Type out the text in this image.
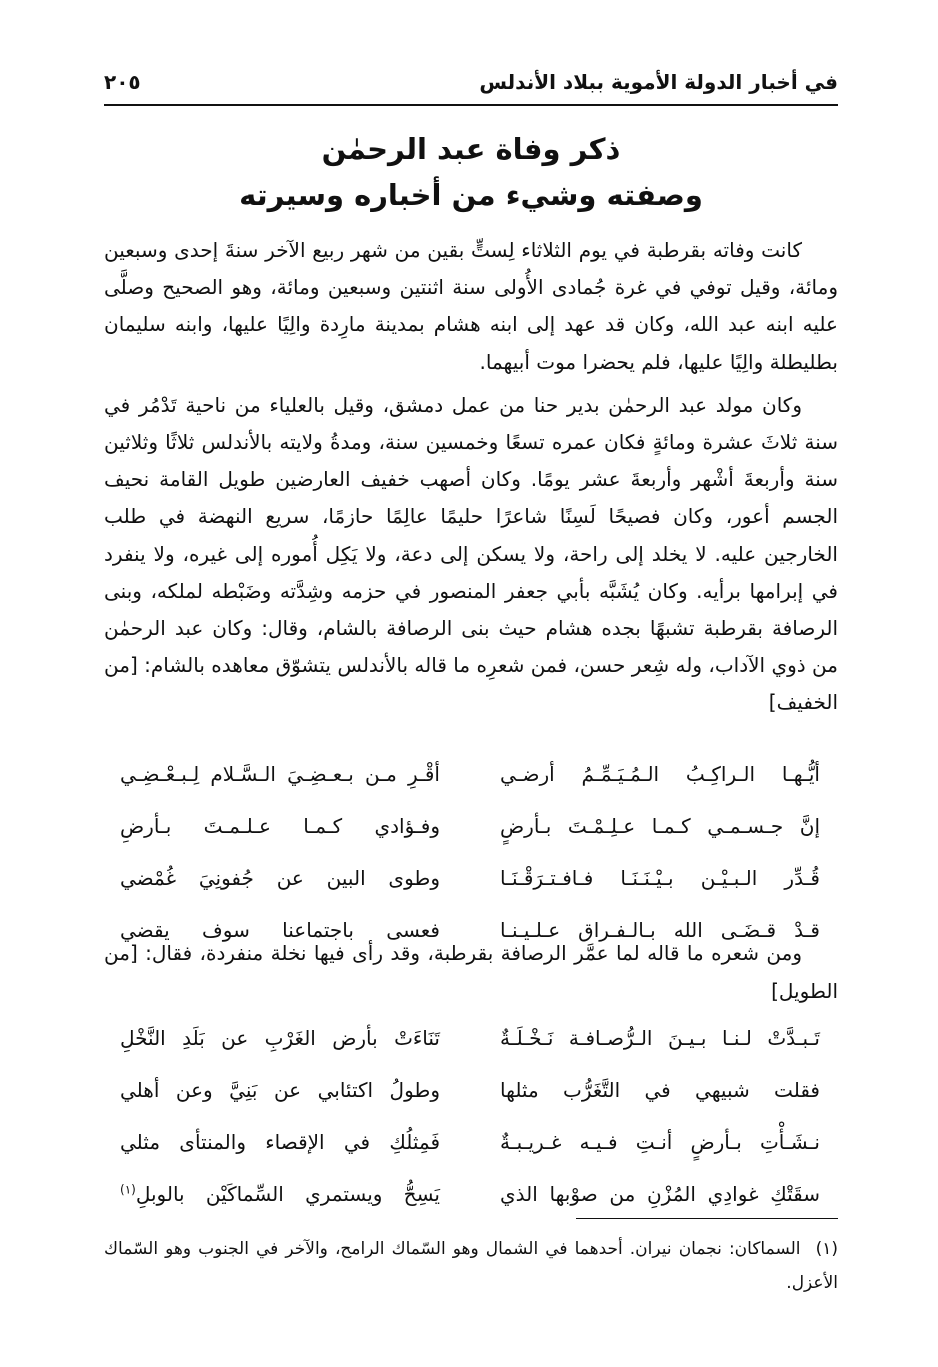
في أخبار الدولة الأموية ببلاد الأندلس
٢٠٥
ذكر وفاة عبد الرحمٰن
وصفته وشيء من أخباره وسيرته

كانت وفاته بقرطبة في يوم الثلاثاء لِستٍّ بقين من شهر ربيع الآخر سنةَ إحدى وسبعين ومائة، وقيل توفي في غرة جُمادى الأُولى سنة اثنتين وسبعين ومائة، وهو الصحيح وصلَّى عليه ابنه عبد الله، وكان قد عهد إلى ابنه هشام بمدينة مارِدة والِيًا عليها، وابنه سليمان بطليطلة والِيًا عليها، فلم يحضرا موت أبيهما.

وكان مولد عبد الرحمٰن بدير حنا من عمل دمشق، وقيل بالعلياء من ناحية تَدْمُر في سنة ثلاثَ عشرة ومائةٍ فكان عمره تسعًا وخمسين سنة، ومدةُ ولايته بالأندلس ثلاثًا وثلاثين سنة وأربعةَ أشْهر وأربعةَ عشر يومًا. وكان أصهب خفيف العارضين طويل القامة نحيف الجسم أعور، وكان فصيحًا لَسِنًا شاعرًا حليمًا عالِمًا حازمًا، سريع النهضة في طلب الخارجين عليه. لا يخلد إلى راحة، ولا يسكن إلى دعة، ولا يَكِل أُموره إلى غيره، ولا ينفرد في إبرامها برأيه. وكان يُشَبَّه بأبي جعفر المنصور في حزمه وشِدَّته وضَبْطه لملكه، وبنى الرصافة بقرطبة تشبهًا بجده هشام حيث بنى الرصافة بالشام، وقال: وكان عبد الرحمٰن من ذوي الآداب، وله شِعر حسن، فمن شعرِه ما قاله بالأندلس يتشوّق معاهده بالشام: [من الخفيف]

أيُّـهـا الـراكِـبُ الـمُـيَـمِّـمُ أرضـي
أقْـرِ مـن بـعـضِـيَ الـسَّـلام لِـبـعْـضِـي
إنَّ جـسـمـي كـمـا عـلِـمْـتَ بـأرضٍ
وفـؤادي كـمـا عـلـمـتَ بـأرضِ
قُـدِّر الـبـيْـن بـيْـنَـنَـا فـافـتـرَقْـنَـا
وطوى البين عن جُفونِيَ غُمْضي
قـدْ قـضَـى الله بـالـفـراق عـلـيـنـا
فعسى باجتماعنا سوف يقضي

ومن شعره ما قاله لما عمَّر الرصافة بقرطبة، وقد رأى فيها نخلة منفردة، فقال: [من الطويل]

تَـبـدَّتْ لـنـا بـيـنَ الـرُّصـافـة نَـخْـلَـةٌ
تَنَاءَتْ بأرض الغَرْبِ عن بَلَدِ النَّخْلِ
فقلت شبيهي في التَّغَرُّب مثلها
وطولُ اكتئابي عن بَنِيَّ وعن أهلي
نـشَـأْتِ بـأرضٍ أنـتِ فـيـه غـريـبـةٌ
فَمِثلُكِ في الإقصاء والمنتأى مثلي
سقَتْكِ غوادِي المُزْنِ من صوْبها الذي
يَسِحُّ ويستمري السِّماكَيْن بالوبلِ$^{(١)}$
(١) السماكان: نجمان نيران. أحدهما في الشمال وهو السّماك الرامح، والآخر في الجنوب وهو السّماك الأعزل.
